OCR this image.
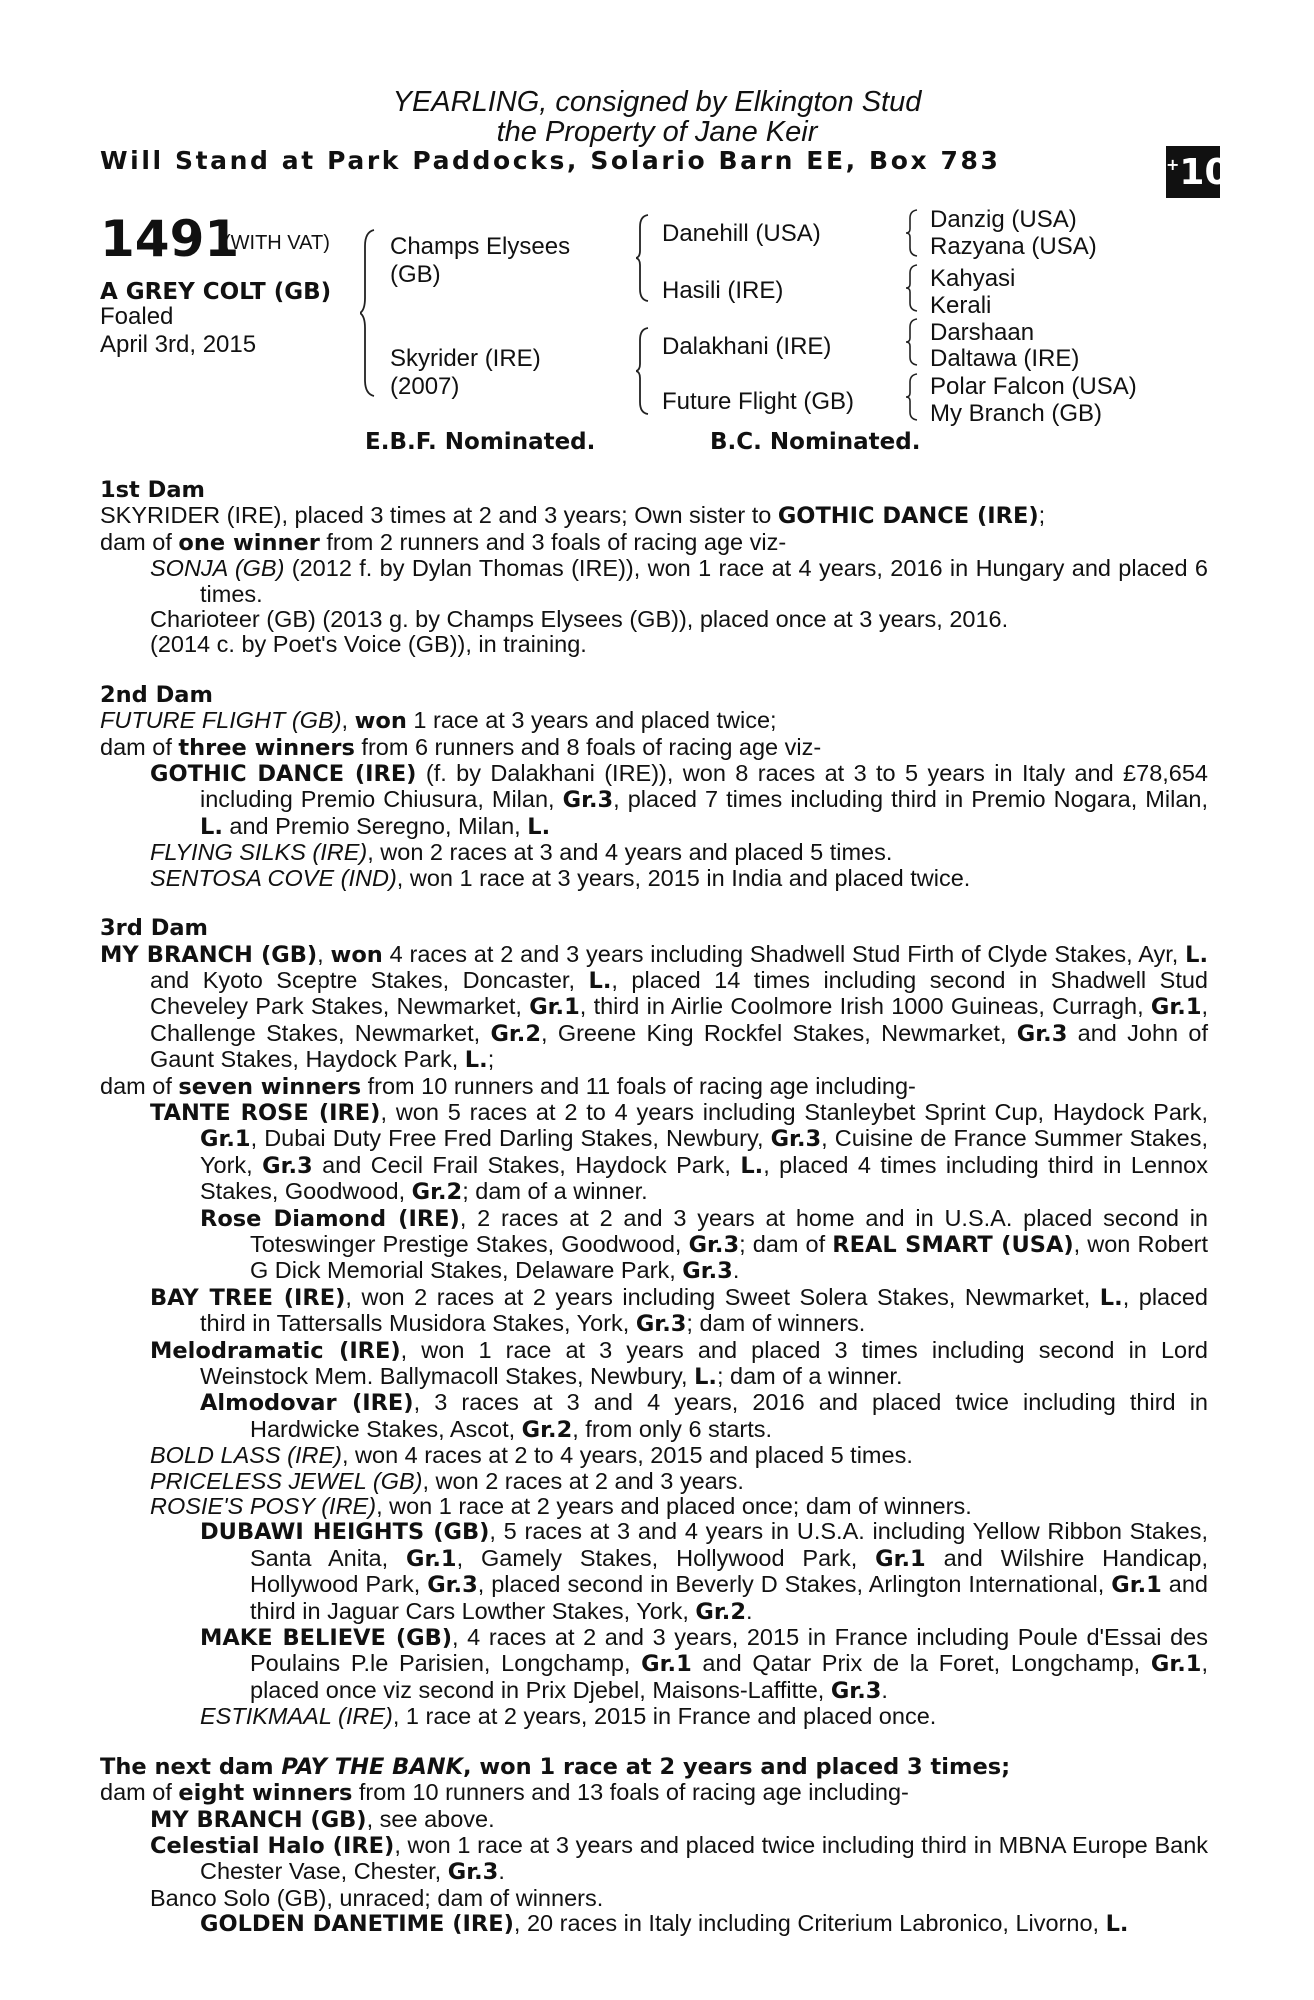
YEARLING, consigned by Elkington Stud
the Property of Jane Keir
Will Stand at Park Paddocks, Solario Barn EE, Box 783	+10
1491
(WITH VAT)
A GREY COLT (GB)
Foaled
April 3rd, 2015
Champs Elysees
(GB)
Skyrider (IRE)
(2007)
Danehill (USA)
Hasili (IRE)
Dalakhani (IRE)
Future Flight (GB)
Danzig (USA)
Razyana (USA)
Kahyasi
Kerali
Darshaan
Daltawa (IRE)
Polar Falcon (USA)
My Branch (GB)
E.B.F. Nominated.	B.C. Nominated.

1st Dam

SKYRIDER (IRE), placed 3 times at 2 and 3 years; Own sister to GOTHIC DANCE (IRE);

dam of one winner from 2 runners and 3 foals of racing age viz-

SONJA (GB) (2012 f. by Dylan Thomas (IRE)), won 1 race at 4 years, 2016 in Hungary and placed 6 times.

Charioteer (GB) (2013 g. by Champs Elysees (GB)), placed once at 3 years, 2016.

(2014 c. by Poet's Voice (GB)), in training.

2nd Dam

FUTURE FLIGHT (GB), won 1 race at 3 years and placed twice;

dam of three winners from 6 runners and 8 foals of racing age viz-

GOTHIC DANCE (IRE) (f. by Dalakhani (IRE)), won 8 races at 3 to 5 years in Italy and £78,654 including Premio Chiusura, Milan, Gr.3, placed 7 times including third in Premio Nogara, Milan, L. and Premio Seregno, Milan, L.

FLYING SILKS (IRE), won 2 races at 3 and 4 years and placed 5 times.

SENTOSA COVE (IND), won 1 race at 3 years, 2015 in India and placed twice.

3rd Dam

MY BRANCH (GB), won 4 races at 2 and 3 years including Shadwell Stud Firth of Clyde Stakes, Ayr, L. and Kyoto Sceptre Stakes, Doncaster, L., placed 14 times including second in Shadwell Stud Cheveley Park Stakes, Newmarket, Gr.1, third in Airlie Coolmore Irish 1000 Guineas, Curragh, Gr.1, Challenge Stakes, Newmarket, Gr.2, Greene King Rockfel Stakes, Newmarket, Gr.3 and John of Gaunt Stakes, Haydock Park, L.;

dam of seven winners from 10 runners and 11 foals of racing age including-

TANTE ROSE (IRE), won 5 races at 2 to 4 years including Stanleybet Sprint Cup, Haydock Park, Gr.1, Dubai Duty Free Fred Darling Stakes, Newbury, Gr.3, Cuisine de France Summer Stakes, York, Gr.3 and Cecil Frail Stakes, Haydock Park, L., placed 4 times including third in Lennox Stakes, Goodwood, Gr.2; dam of a winner.

Rose Diamond (IRE), 2 races at 2 and 3 years at home and in U.S.A. placed second in Toteswinger Prestige Stakes, Goodwood, Gr.3; dam of REAL SMART (USA), won Robert G Dick Memorial Stakes, Delaware Park, Gr.3.

BAY TREE (IRE), won 2 races at 2 years including Sweet Solera Stakes, Newmarket, L., placed third in Tattersalls Musidora Stakes, York, Gr.3; dam of winners.

Melodramatic (IRE), won 1 race at 3 years and placed 3 times including second in Lord Weinstock Mem. Ballymacoll Stakes, Newbury, L.; dam of a winner.

Almodovar (IRE), 3 races at 3 and 4 years, 2016 and placed twice including third in Hardwicke Stakes, Ascot, Gr.2, from only 6 starts.

BOLD LASS (IRE), won 4 races at 2 to 4 years, 2015 and placed 5 times.

PRICELESS JEWEL (GB), won 2 races at 2 and 3 years.

ROSIE'S POSY (IRE), won 1 race at 2 years and placed once; dam of winners.

DUBAWI HEIGHTS (GB), 5 races at 3 and 4 years in U.S.A. including Yellow Ribbon Stakes, Santa Anita, Gr.1, Gamely Stakes, Hollywood Park, Gr.1 and Wilshire Handicap, Hollywood Park, Gr.3, placed second in Beverly D Stakes, Arlington International, Gr.1 and third in Jaguar Cars Lowther Stakes, York, Gr.2.

MAKE BELIEVE (GB), 4 races at 2 and 3 years, 2015 in France including Poule d'Essai des Poulains P.le Parisien, Longchamp, Gr.1 and Qatar Prix de la Foret, Longchamp, Gr.1, placed once viz second in Prix Djebel, Maisons-Laffitte, Gr.3.

ESTIKMAAL (IRE), 1 race at 2 years, 2015 in France and placed once.

The next dam PAY THE BANK, won 1 race at 2 years and placed 3 times;

dam of eight winners from 10 runners and 13 foals of racing age including-

MY BRANCH (GB), see above.

Celestial Halo (IRE), won 1 race at 3 years and placed twice including third in MBNA Europe Bank Chester Vase, Chester, Gr.3.

Banco Solo (GB), unraced; dam of winners.

GOLDEN DANETIME (IRE), 20 races in Italy including Criterium Labronico, Livorno, L.
